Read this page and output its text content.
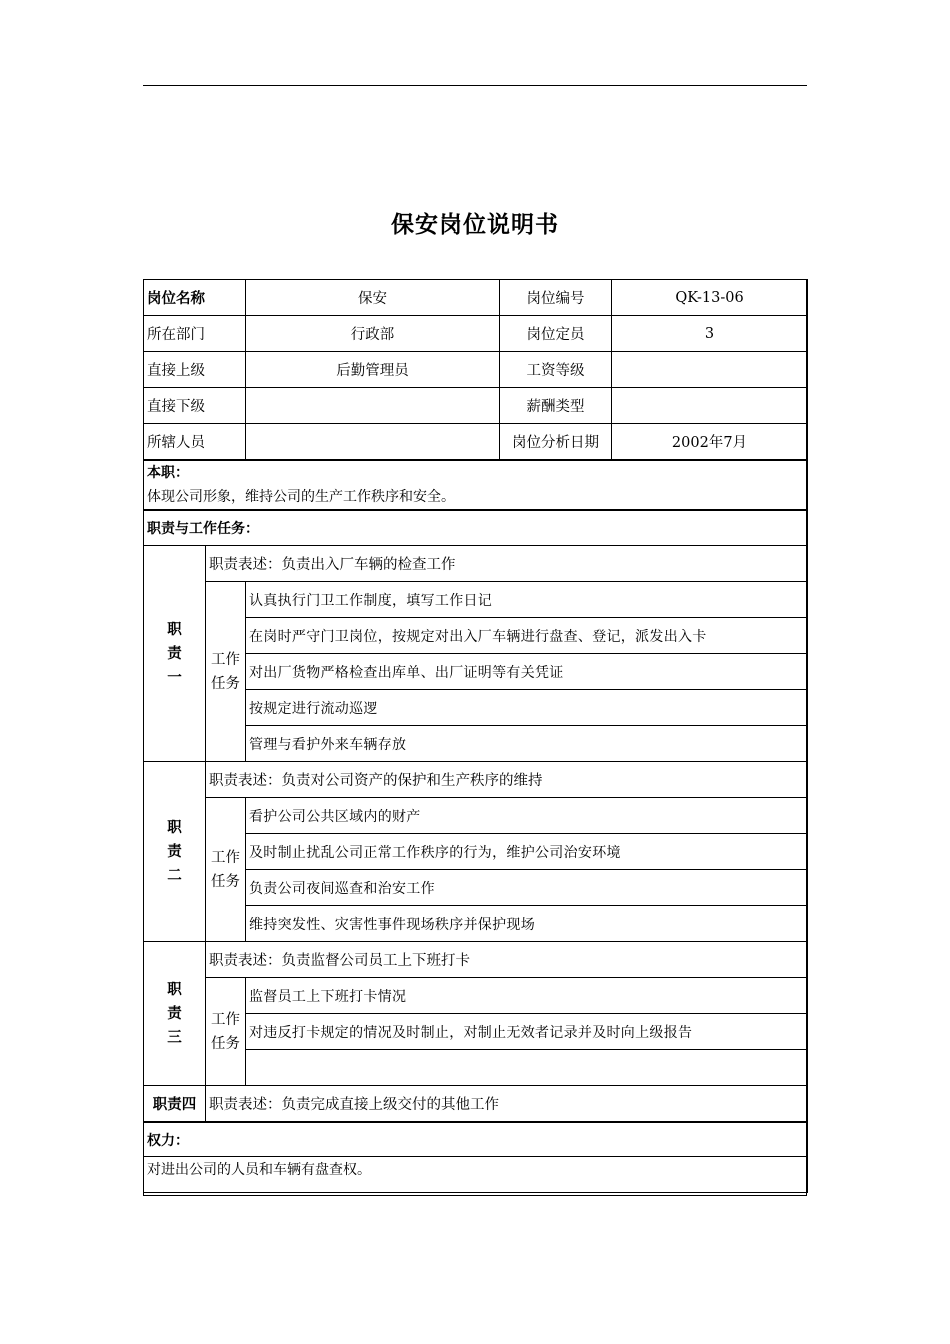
保安岗位说明书
岗位名称		保安	岗位编号	QK-13-06
所在部门		行政部	岗位定员	3
直接上级		后勤管理员	工资等级	
直接下级			薪酬类型	
所辖人员			岗位分析日期	2002年7月
本职：				
体现公司形象，维持公司的生产工作秩序和安全。				
职责与工作任务：				
职责一	职责表述：负责出入厂车辆的检查工作			
	工作任务	认真执行门卫工作制度，填写工作日记		
		在岗时严守门卫岗位，按规定对出入厂车辆进行盘查、登记，派发出入卡		
		对出厂货物严格检查出库单、出厂证明等有关凭证		
		按规定进行流动巡逻		
		管理与看护外来车辆存放		
职责二	职责表述：负责对公司资产的保护和生产秩序的维持			
	工作任务	看护公司公共区域内的财产		
		及时制止扰乱公司正常工作秩序的行为，维护公司治安环境		
		负责公司夜间巡查和治安工作		
		维持突发性、灾害性事件现场秩序并保护现场		
职责三	职责表述：负责监督公司员工上下班打卡			
	工作任务	监督员工上下班打卡情况		
		对违反打卡规定的情况及时制止，对制止无效者记录并及时向上级报告		

职责四	职责表述：负责完成直接上级交付的其他工作			
权力：				
对进出公司的人员和车辆有盘查权。				
